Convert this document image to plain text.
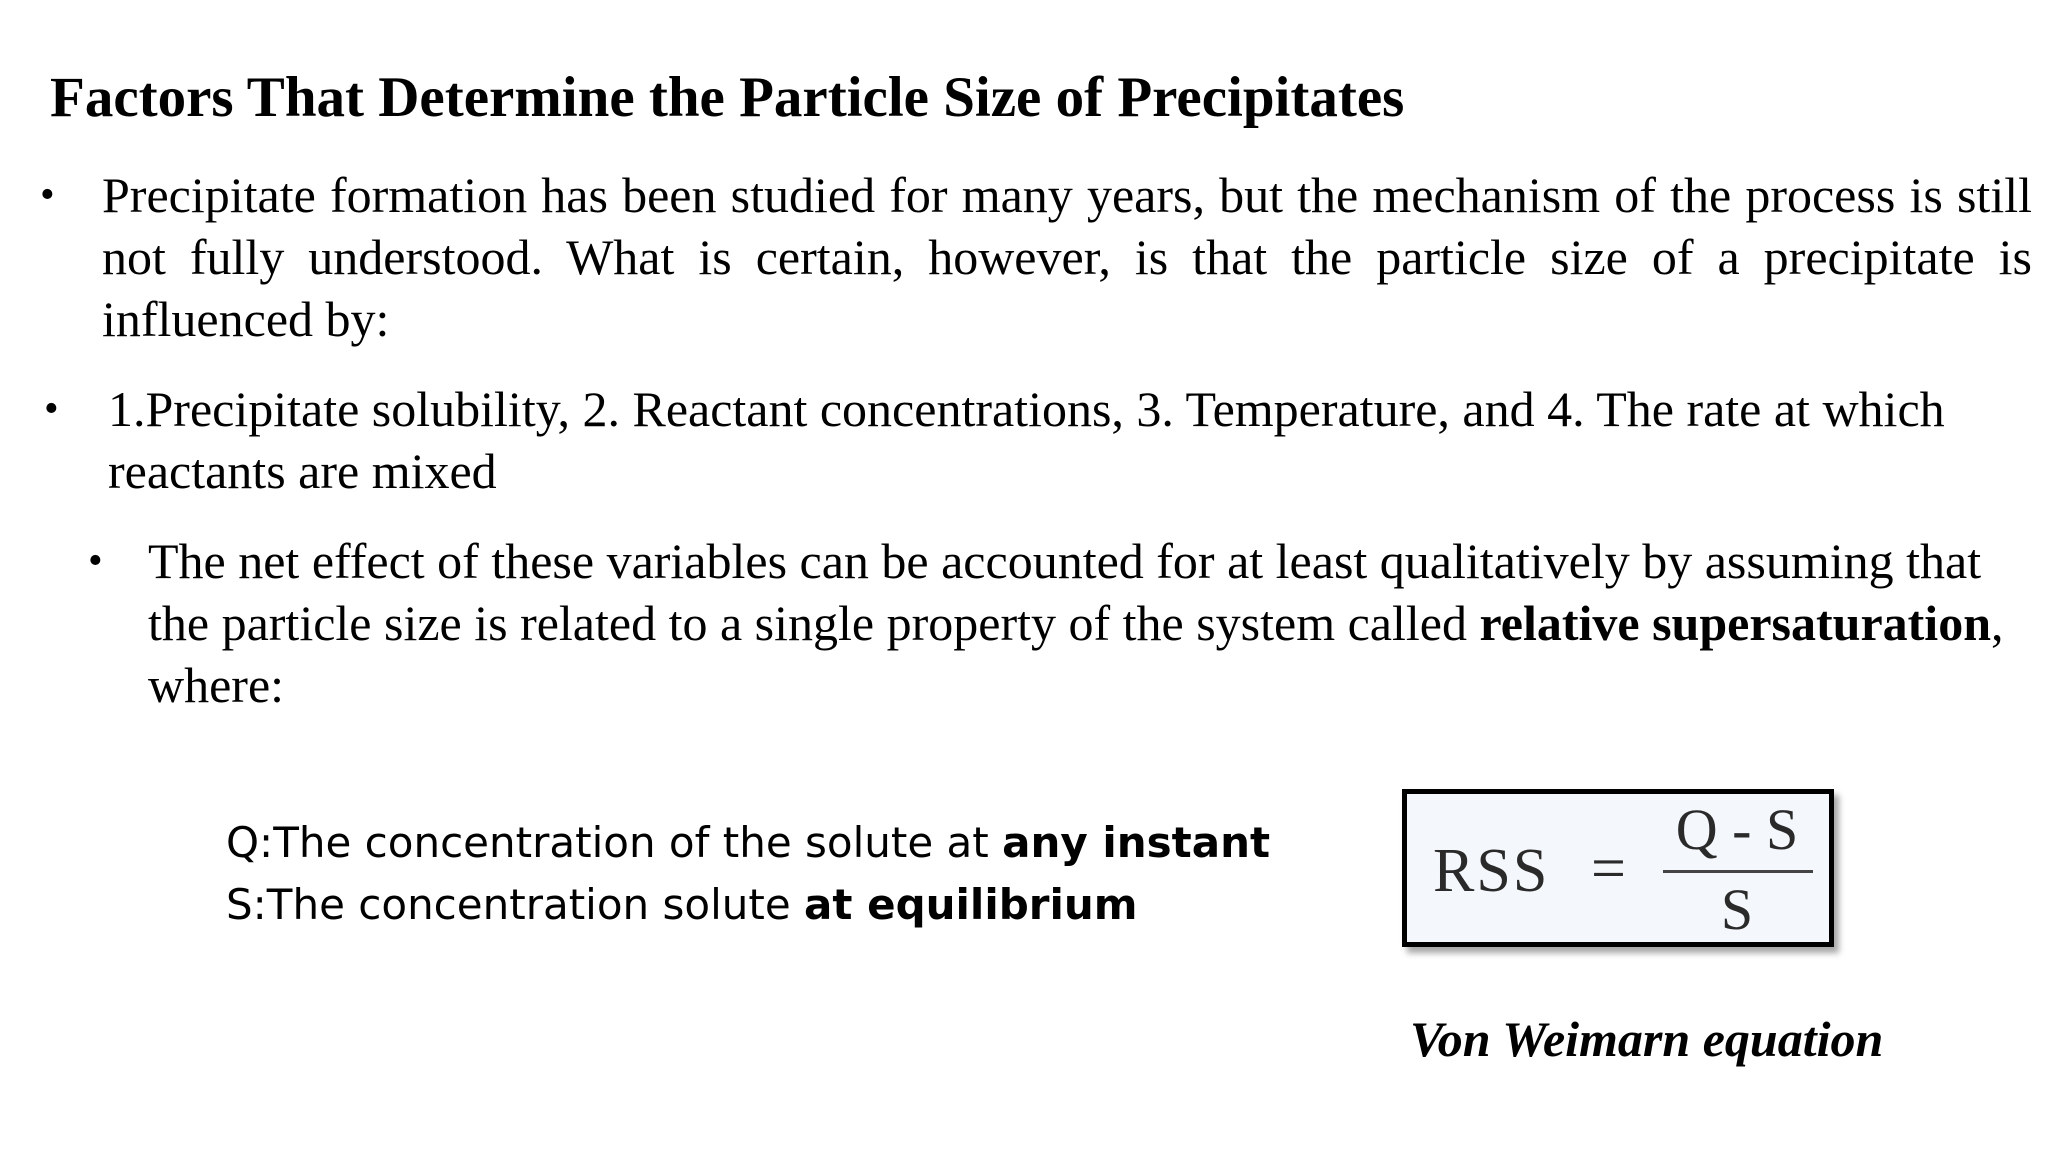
Factors That Determine the Particle Size of Precipitates
• Precipitate formation has been studied for many years, but the mechanism of the process is still not fully understood. What is certain, however, is that the particle size of a precipitate is influenced by:
• 1.Precipitate solubility, 2. Reactant concentrations, 3. Temperature, and 4. The rate at which reactants are mixed
• The net effect of these variables can be accounted for at least qualitatively by assuming that the particle size is related to a single property of the system called relative supersaturation, where:
Q:The concentration of the solute at any instant
S:The concentration solute at equilibrium	RSS =
Q - S
S
Von Weimarn equation
